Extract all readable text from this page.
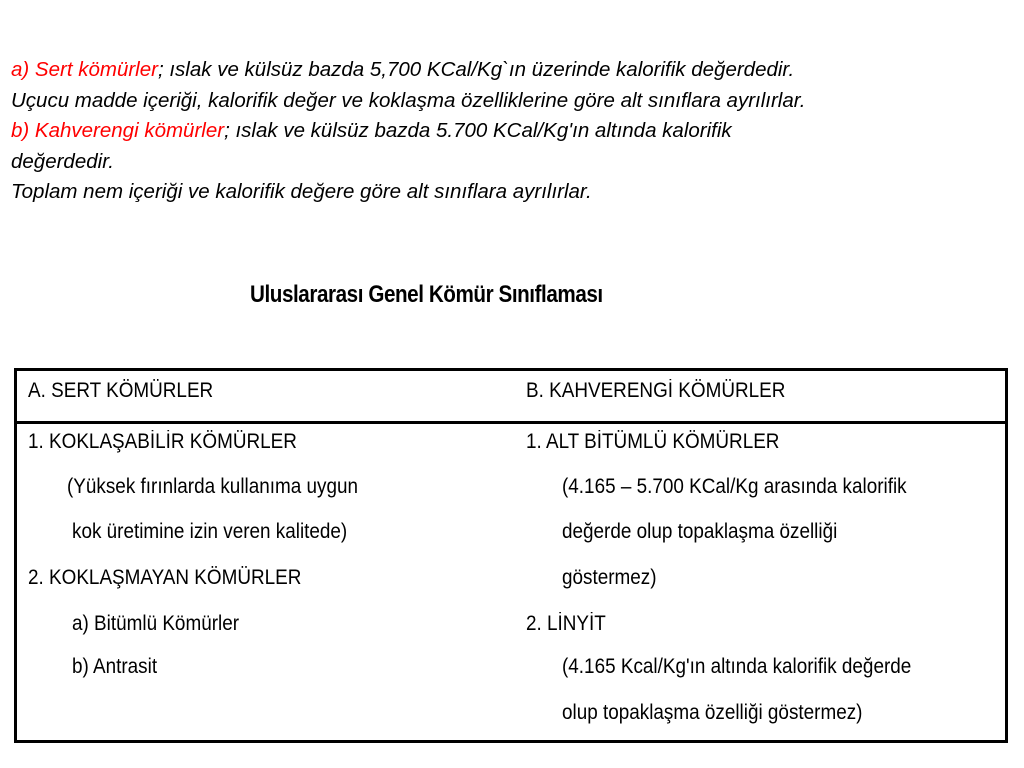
a) Sert kömürler; ıslak ve külsüz bazda 5,700 KCal/Kg`ın üzerinde kalorifik değerdedir.
Uçucu madde içeriği, kalorifik değer ve koklaşma özelliklerine göre alt sınıflara ayrılırlar.
b) Kahverengi kömürler; ıslak ve külsüz bazda 5.700 KCal/Kg'ın altında kalorifik
değerdedir.
Toplam nem içeriği ve kalorifik değere göre alt sınıflara ayrılırlar.
Uluslararası Genel Kömür Sınıflaması
A. SERT KÖMÜRLER	B. KAHVERENGİ KÖMÜRLER
1. KOKLAŞABİLİR KÖMÜRLER
(Yüksek fırınlarda kullanıma uygun
kok üretimine izin veren kalitede)
2. KOKLAŞMAYAN KÖMÜRLER
a) Bitümlü Kömürler
b) Antrasit
1. ALT BİTÜMLÜ KÖMÜRLER
(4.165 – 5.700 KCal/Kg arasında kalorifik
değerde olup topaklaşma özelliği
göstermez)
2. LİNYİT
(4.165 Kcal/Kg'ın altında kalorifik değerde
olup topaklaşma özelliği göstermez)
